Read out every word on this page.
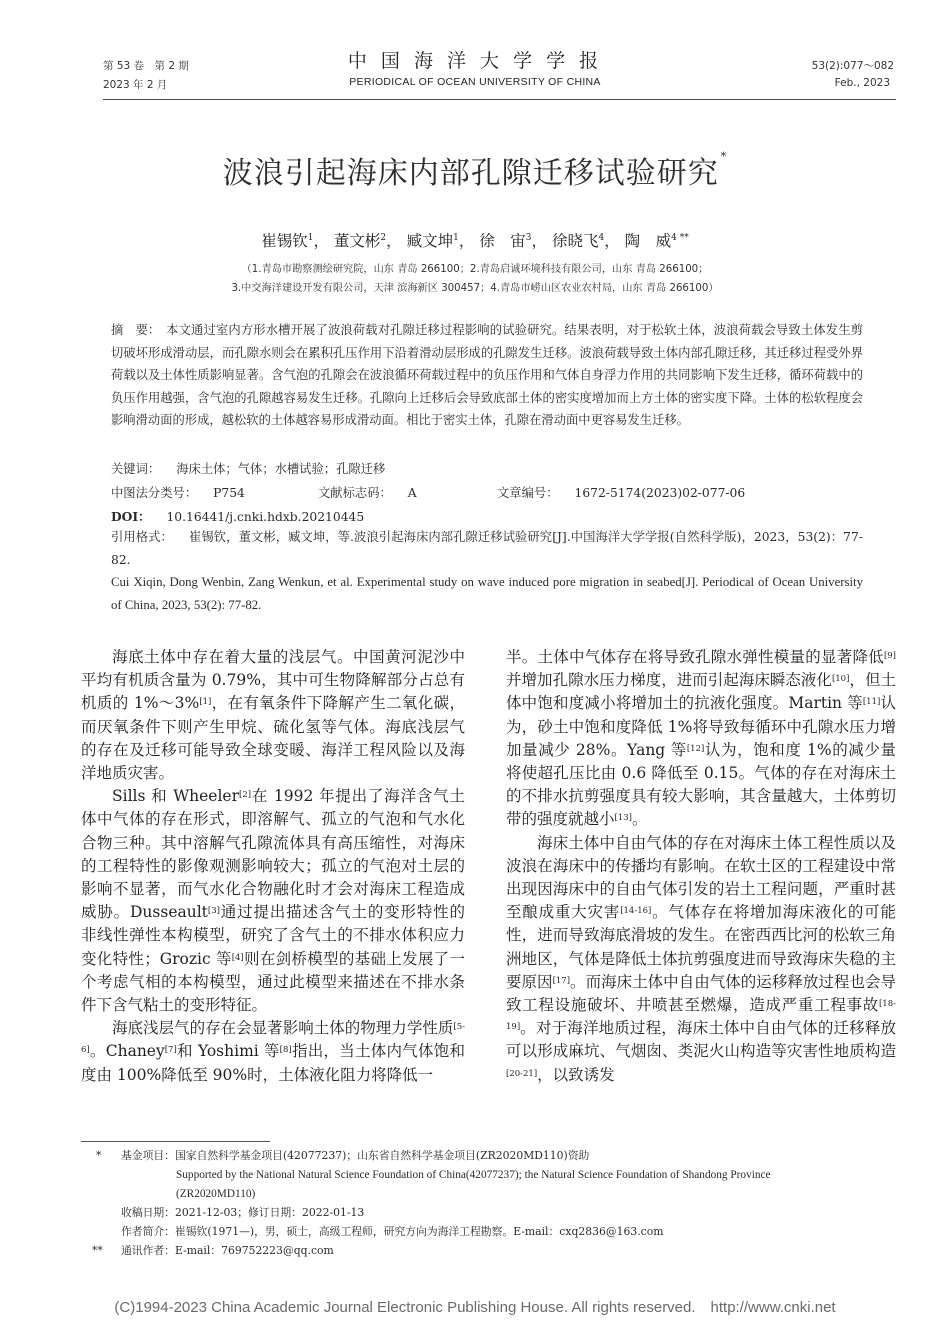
第 53 卷　第 2 期
2023 年 2 月
中 国 海 洋 大 学 学 报
PERIODICAL OF OCEAN UNIVERSITY OF CHINA
53(2):077～082
Feb., 2023
波浪引起海床内部孔隙迁移试验研究 *
崔锡钦$^1$， 董文彬$^2$， 臧文坤$^1$， 徐　宙$^3$， 徐晓飞$^4$， 陶　威$^{4 **}$
（1.青岛市勘察测绘研究院，山东 青岛 266100；2.青岛启诚环境科技有限公司，山东 青岛 266100；
3.中交海洋建设开发有限公司，天津 滨海新区 300457；4.青岛市崂山区农业农村局，山东 青岛 266100）
摘　要： 本文通过室内方形水槽开展了波浪荷载对孔隙迁移过程影响的试验研究。结果表明，对于松软土体，波浪荷载会导致土体发生剪切破坏形成滑动层，而孔隙水则会在累积孔压作用下沿着滑动层形成的孔隙发生迁移。波浪荷载导致土体内部孔隙迁移，其迁移过程受外界荷载以及土体性质影响显著。含气泡的孔隙会在波浪循环荷载过程中的负压作用和气体自身浮力作用的共同影响下发生迁移，循环荷载中的负压作用越强，含气泡的孔隙越容易发生迁移。孔隙向上迁移后会导致底部土体的密实度增加而上方土体的密实度下降。土体的松软程度会影响滑动面的形成，越松软的土体越容易形成滑动面。相比于密实土体，孔隙在滑动面中更容易发生迁移。
关键词： 海床土体；气体；水槽试验；孔隙迁移
中图法分类号： P754	文献标志码： A	文章编号： 1672-5174(2023)02-077-06
DOI： 10.16441/j.cnki.hdxb.20210445
引用格式： 崔锡钦，董文彬，臧文坤，等.波浪引起海床内部孔隙迁移试验研究[J].中国海洋大学学报(自然科学版)，2023，53(2)：77-82.
Cui Xiqin, Dong Wenbin, Zang Wenkun, et al. Experimental study on wave induced pore migration in seabed[J]. Periodical of Ocean University of China, 2023, 53(2): 77-82.

海底土体中存在着大量的浅层气。中国黄河泥沙中平均有机质含量为 0.79%，其中可生物降解部分占总有机质的 1%～3%[1]，在有氧条件下降解产生二氧化碳，而厌氧条件下则产生甲烷、硫化氢等气体。海底浅层气的存在及迁移可能导致全球变暖、海洋工程风险以及海洋地质灾害。

Sills 和 Wheeler[2]在 1992 年提出了海洋含气土体中气体的存在形式，即溶解气、孤立的气泡和气水化合物三种。其中溶解气孔隙流体具有高压缩性，对海床的工程特性的影像观测影响较大；孤立的气泡对土层的影响不显著，而气水化合物融化时才会对海床工程造成威胁。Dusseault[3]通过提出描述含气土的变形特性的非线性弹性本构模型，研究了含气土的不排水体积应力变化特性；Grozic 等[4]则在剑桥模型的基础上发展了一个考虑气相的本构模型，通过此模型来描述在不排水条件下含气粘土的变形特征。

海底浅层气的存在会显著影响土体的物理力学性质[5-6]。Chaney[7]和 Yoshimi 等[8]指出，当土体内气体饱和度由 100%降低至 90%时，土体液化阻力将降低一

半。土体中气体存在将导致孔隙水弹性模量的显著降低[9]并增加孔隙水压力梯度，进而引起海床瞬态液化[10]，但土体中饱和度减小将增加土的抗液化强度。Martin 等[11]认为，砂土中饱和度降低 1%将导致每循环中孔隙水压力增加量减少 28%。Yang 等[12]认为，饱和度 1%的减少量将使超孔压比由 0.6 降低至 0.15。气体的存在对海床土的不排水抗剪强度具有较大影响，其含量越大，土体剪切带的强度就越小[13]。

海床土体中自由气体的存在对海床土体工程性质以及波浪在海床中的传播均有影响。在软土区的工程建设中常出现因海床中的自由气体引发的岩土工程问题，严重时甚至酿成重大灾害[14-16]。气体存在将增加海床液化的可能性，进而导致海底滑坡的发生。在密西西比河的松软三角洲地区，气体是降低土体抗剪强度进而导致海床失稳的主要原因[17]。而海床土体中自由气体的运移释放过程也会导致工程设施破坏、井喷甚至燃爆，造成严重工程事故[18-19]。对于海洋地质过程，海床土体中自由气体的迁移释放可以形成麻坑、气烟囱、类泥火山构造等灾害性地质构造[20-21]，以致诱发

* 基金项目：国家自然科学基金项目(42077237)；山东省自然科学基金项目(ZR2020MD110)资助
Supported by the National Natural Science Foundation of China(42077237); the Natural Science Foundation of Shandong Province
(ZR2020MD110)
收稿日期：2021-12-03；修订日期：2022-01-13
作者简介：崔锡钦(1971—)，男，硕士，高级工程师，研究方向为海洋工程勘察。E-mail：cxq2836@163.com
** 通讯作者：E-mail：769752223@qq.com
(C)1994-2023 China Academic Journal Electronic Publishing House. All rights reserved.　http://www.cnki.net
